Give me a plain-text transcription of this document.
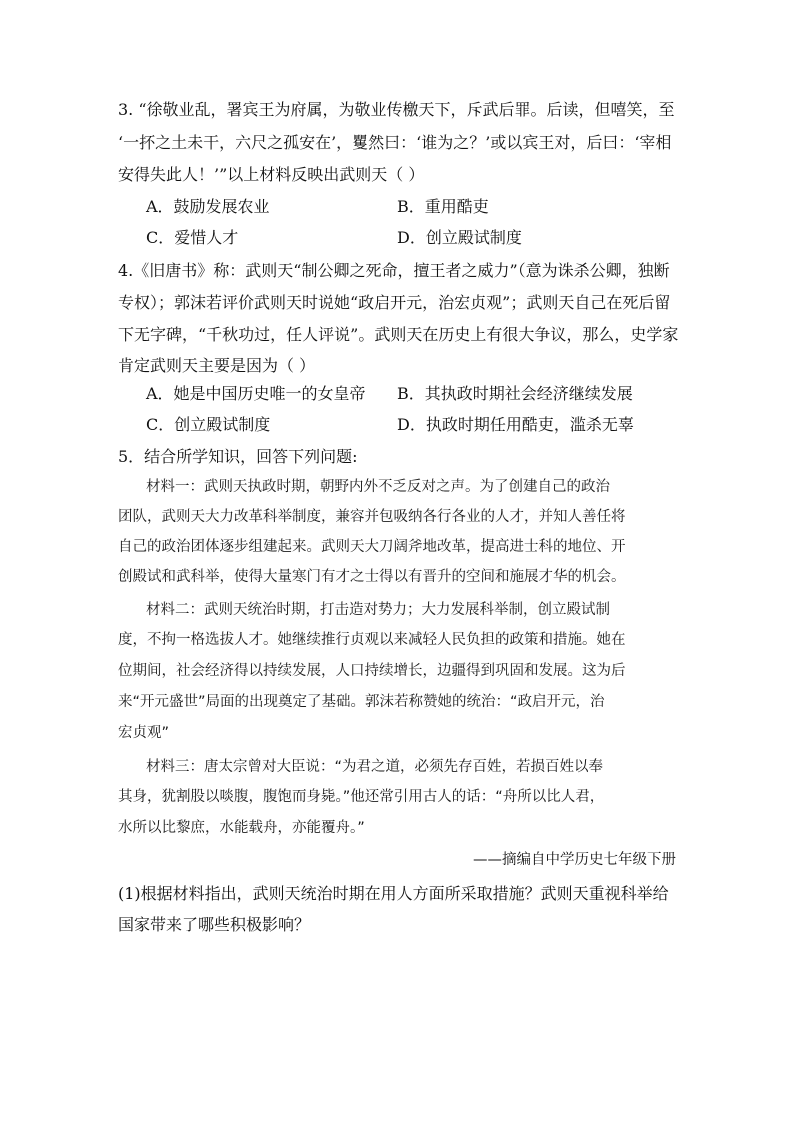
3. “徐敬业乱，署宾王为府属，为敬业传檄天下，斥武后罪。后读，但嘻笑，至
‘一抔之土未干，六尺之孤安在’，矍然曰：‘谁为之？’或以宾王对，后曰：‘宰相
安得失此人！’”以上材料反映出武则天（ ）
A．鼓励发展农业	B．重用酷吏
C．爱惜人才	D．创立殿试制度
4.《旧唐书》称：武则天“制公卿之死命，擅王者之威力”（意为诛杀公卿，独断
专权）；郭沫若评价武则天时说她“政启开元，治宏贞观”；武则天自己在死后留
下无字碑，“千秋功过，任人评说”。武则天在历史上有很大争议，那么，史学家
肯定武则天主要是因为（ ）
A．她是中国历史唯一的女皇帝 B．其执政时期社会经济继续发展
C．创立殿试制度	D．执政时期任用酷吏，滥杀无辜
5．结合所学知识，回答下列问题:
材料一：武则天执政时期，朝野内外不乏反对之声。为了创建自己的政治
团队，武则天大力改革科举制度，兼容并包吸纳各行各业的人才，并知人善任将
自己的政治团体逐步组建起来。武则天大刀阔斧地改革，提高进士科的地位、开
创殿试和武科举，使得大量寒门有才之士得以有晋升的空间和施展才华的机会。
材料二：武则天统治时期，打击造对势力；大力发展科举制，创立殿试制
度，不拘一格选拔人才。她继续推行贞观以来减轻人民负担的政策和措施。她在
位期间，社会经济得以持续发展，人口持续增长，边疆得到巩固和发展。这为后
来“开元盛世”局面的出现奠定了基础。郭沫若称赞她的统治：“政启开元，治
宏贞观”
材料三：唐太宗曾对大臣说：“为君之道，必须先存百姓，若损百姓以奉
其身，犹割股以啖腹，腹饱而身毙。”他还常引用古人的话：“舟所以比人君，
水所以比黎庶，水能载舟，亦能覆舟。”
——摘编自中学历史七年级下册
(1)根据材料指出，武则天统治时期在用人方面所采取措施？武则天重视科举给
国家带来了哪些积极影响？
